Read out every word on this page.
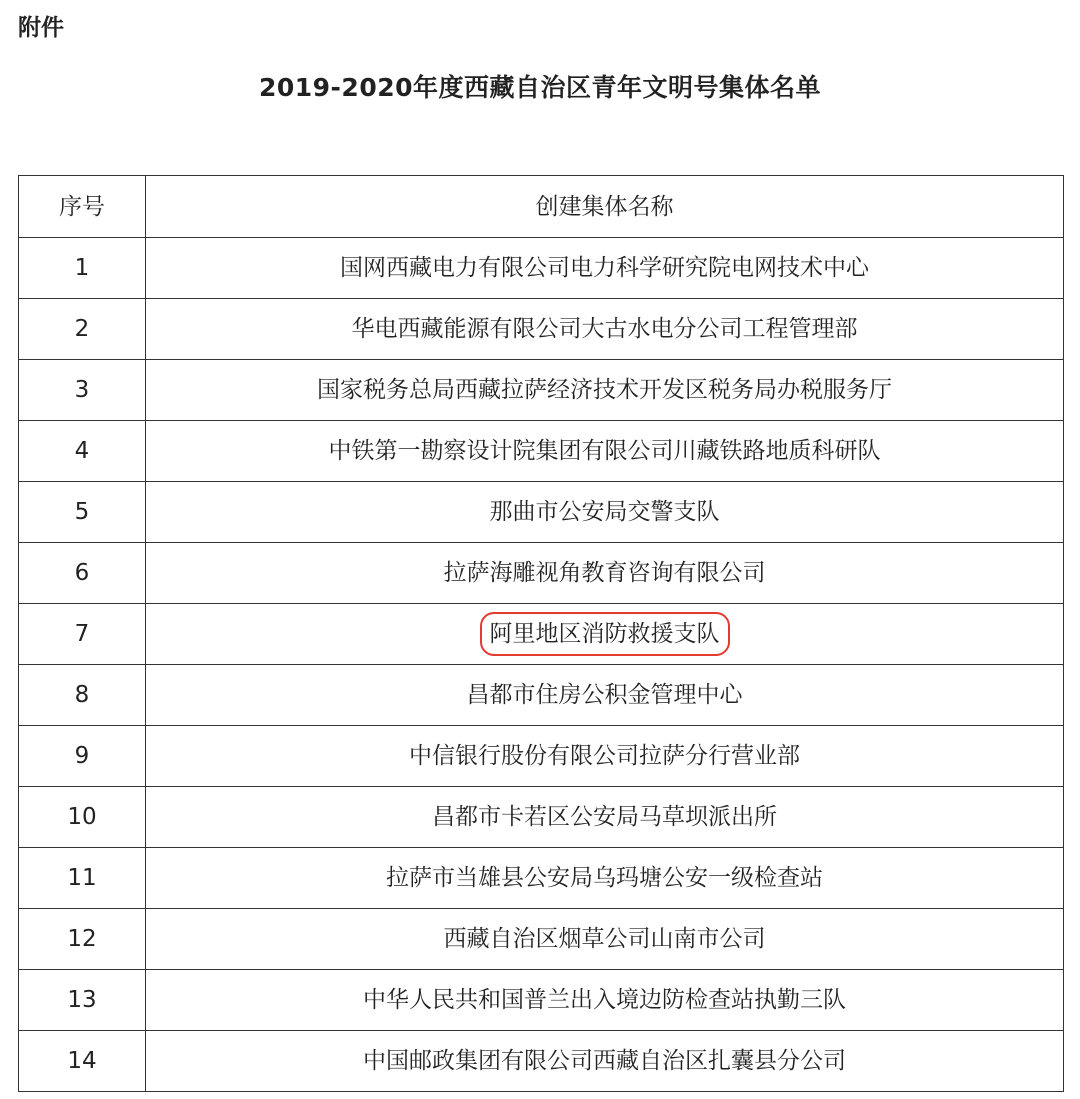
附件
2019-2020年度西藏自治区青年文明号集体名单
序号	创建集体名称
1	国网西藏电力有限公司电力科学研究院电网技术中心
2	华电西藏能源有限公司大古水电分公司工程管理部
3	国家税务总局西藏拉萨经济技术开发区税务局办税服务厅
4	中铁第一勘察设计院集团有限公司川藏铁路地质科研队
5	那曲市公安局交警支队
6	拉萨海雕视角教育咨询有限公司
7	阿里地区消防救援支队
8	昌都市住房公积金管理中心
9	中信银行股份有限公司拉萨分行营业部
10	昌都市卡若区公安局马草坝派出所
11	拉萨市当雄县公安局乌玛塘公安一级检查站
12	西藏自治区烟草公司山南市公司
13	中华人民共和国普兰出入境边防检查站执勤三队
14	中国邮政集团有限公司西藏自治区扎囊县分公司
